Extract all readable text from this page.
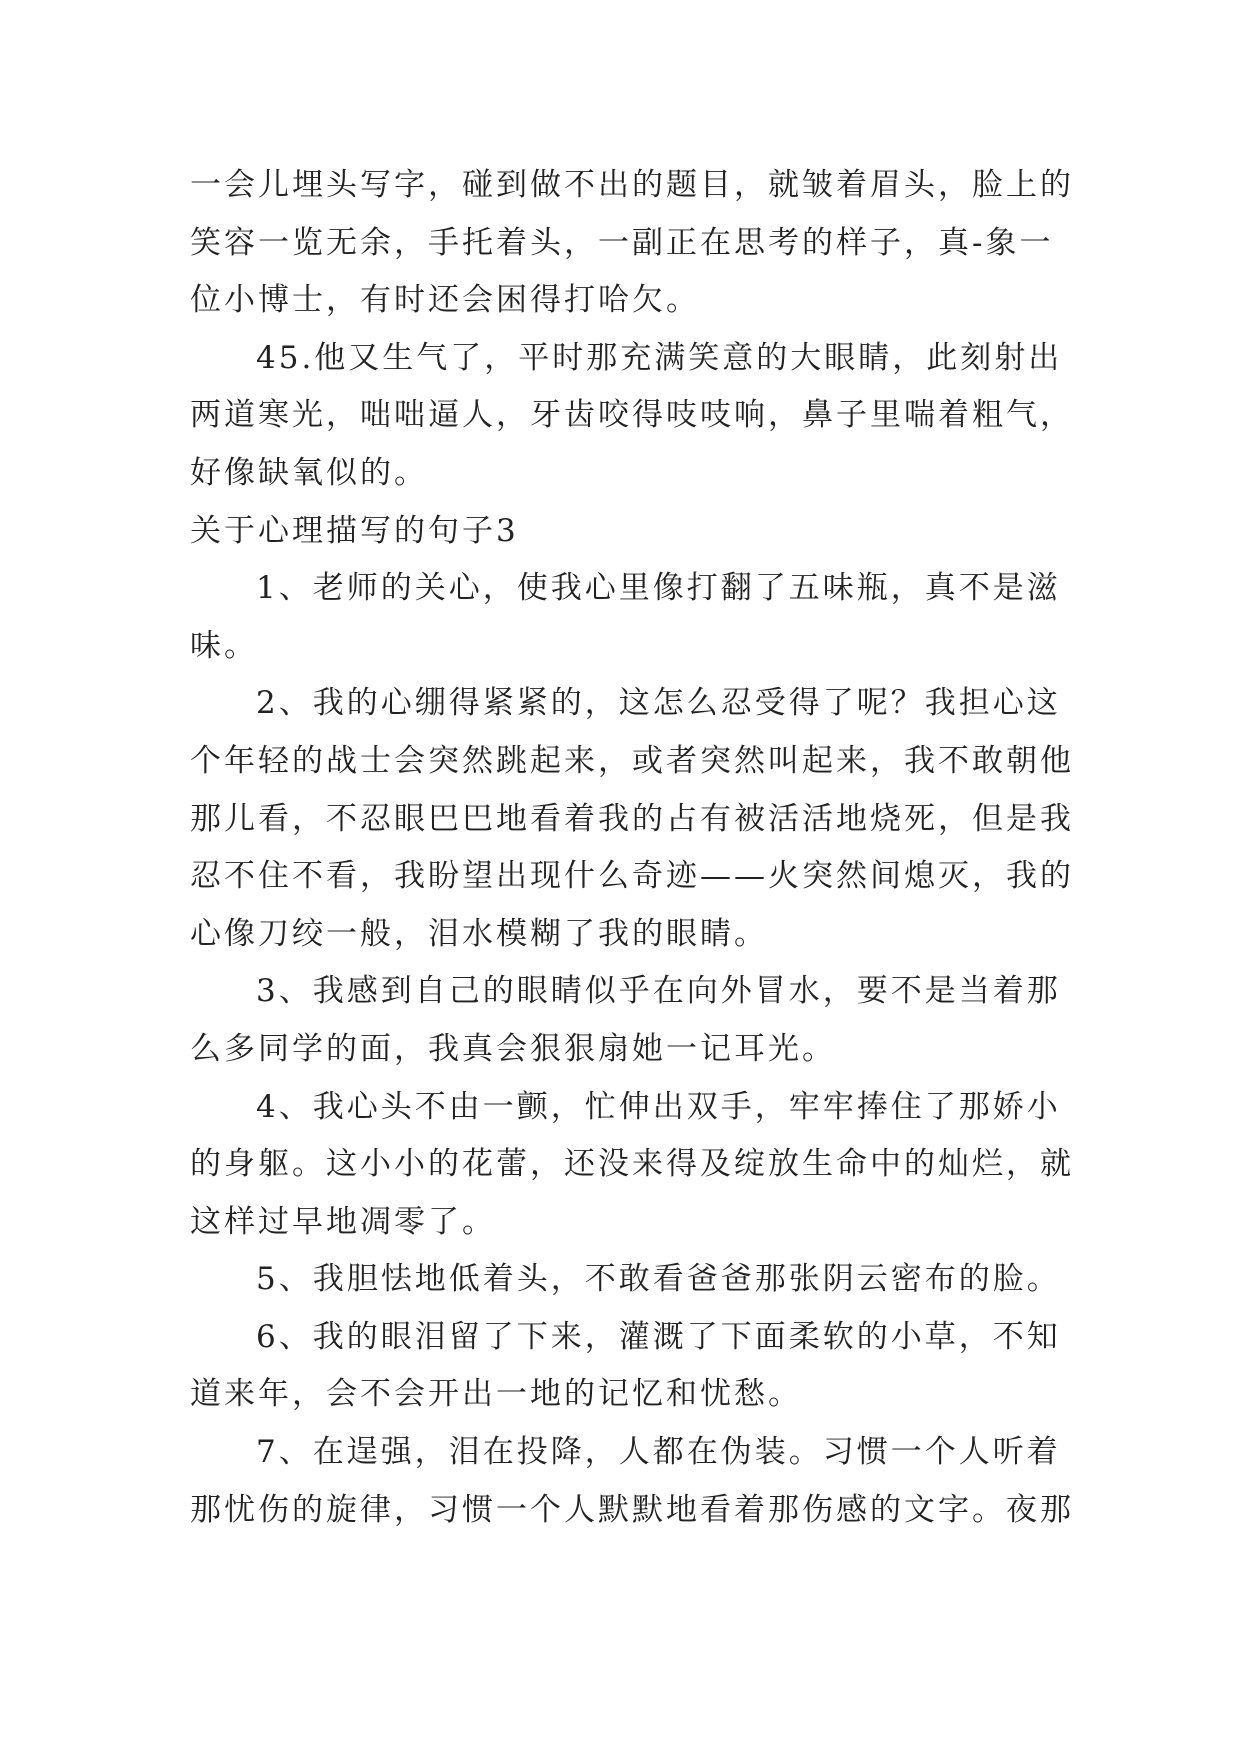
一会儿埋头写字，碰到做不出的题目，就皱着眉头，脸上的
笑容一览无余，手托着头，一副正在思考的样子，真-象一
位小博士，有时还会困得打哈欠。
45.他又生气了，平时那充满笑意的大眼睛，此刻射出
两道寒光，咄咄逼人，牙齿咬得吱吱响，鼻子里喘着粗气，
好像缺氧似的。
关于心理描写的句子3
1、老师的关心，使我心里像打翻了五味瓶，真不是滋
味。
2、我的心绷得紧紧的，这怎么忍受得了呢？我担心这
个年轻的战士会突然跳起来，或者突然叫起来，我不敢朝他
那儿看，不忍眼巴巴地看着我的占有被活活地烧死，但是我
忍不住不看，我盼望出现什么奇迹——火突然间熄灭，我的
心像刀绞一般，泪水模糊了我的眼睛。
3、我感到自己的眼睛似乎在向外冒水，要不是当着那
么多同学的面，我真会狠狠扇她一记耳光。
4、我心头不由一颤，忙伸出双手，牢牢捧住了那娇小
的身躯。这小小的花蕾，还没来得及绽放生命中的灿烂，就
这样过早地凋零了。
5、我胆怯地低着头，不敢看爸爸那张阴云密布的脸。
6、我的眼泪留了下来，灌溉了下面柔软的小草，不知
道来年，会不会开出一地的记忆和忧愁。
7、在逞强，泪在投降，人都在伪装。习惯一个人听着
那忧伤的旋律，习惯一个人默默地看着那伤感的文字。夜那
